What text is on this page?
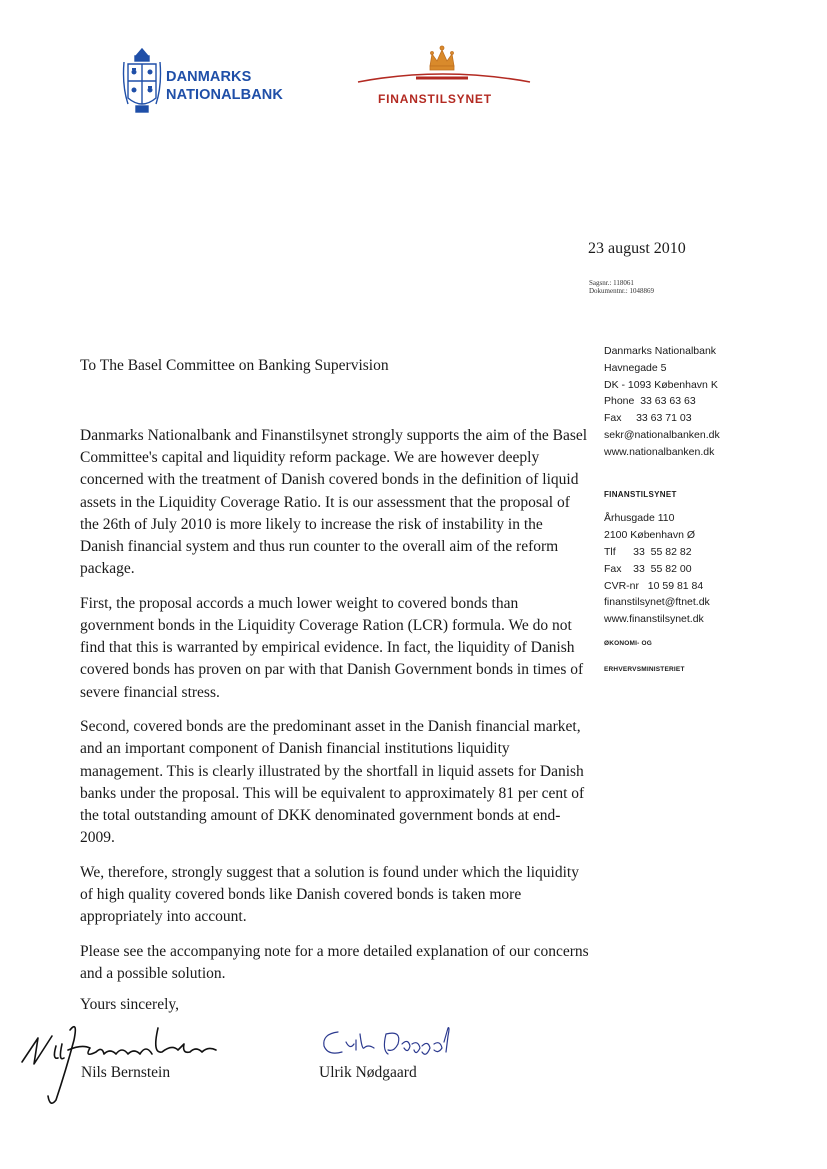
DANMARKS
NATIONALBANK	FINANSTILSYNET
23 august 2010
Sagsnr.: 118061
Dokumentnr.: 1048869
Danmarks Nationalbank
Havnegade 5
DK - 1093 København K
Phone  33 63 63 63
Fax     33 63 71 03
sekr@nationalbanken.dk
www.nationalbanken.dk
FINANSTILSYNET
Århusgade 110
2100 København Ø
Tlf      33  55 82 82
Fax    33  55 82 00
CVR-nr   10 59 81 84
finanstilsynet@ftnet.dk
www.finanstilsynet.dk
ØKONOMI- OG
ERHVERVSMINISTERIET
To The Basel Committee on Banking Supervision

Danmarks Nationalbank and Finanstilsynet strongly supports the aim of the Basel Committee's capital and liquidity reform package. We are however deeply concerned with the treatment of Danish covered bonds in the definition of liquid assets in the Liquidity Coverage Ratio. It is our assessment that the proposal of the 26th of July 2010 is more likely to increase the risk of instability in the Danish financial system and thus run counter to the overall aim of the reform package.

First, the proposal accords a much lower weight to covered bonds than government bonds in the Liquidity Coverage Ration (LCR) formula. We do not find that this is warranted by empirical evidence. In fact, the liquidity of Danish covered bonds has proven on par with that Danish Government bonds in times of severe financial stress.

Second, covered bonds are the predominant asset in the Danish financial market, and an important component of Danish financial institutions liquidity management. This is clearly illustrated by the shortfall in liquid assets for Danish banks under the proposal. This will be equivalent to approximately 81 per cent of the total outstanding amount of DKK denominated government bonds at end-2009.

We, therefore, strongly suggest that a solution is found under which the liquidity of high quality covered bonds like Danish covered bonds is taken more appropriately into account.

Please see the accompanying note for a more detailed explanation of our concerns and a possible solution.

Yours sincerely,
Nils Bernstein	Ulrik Nødgaard
